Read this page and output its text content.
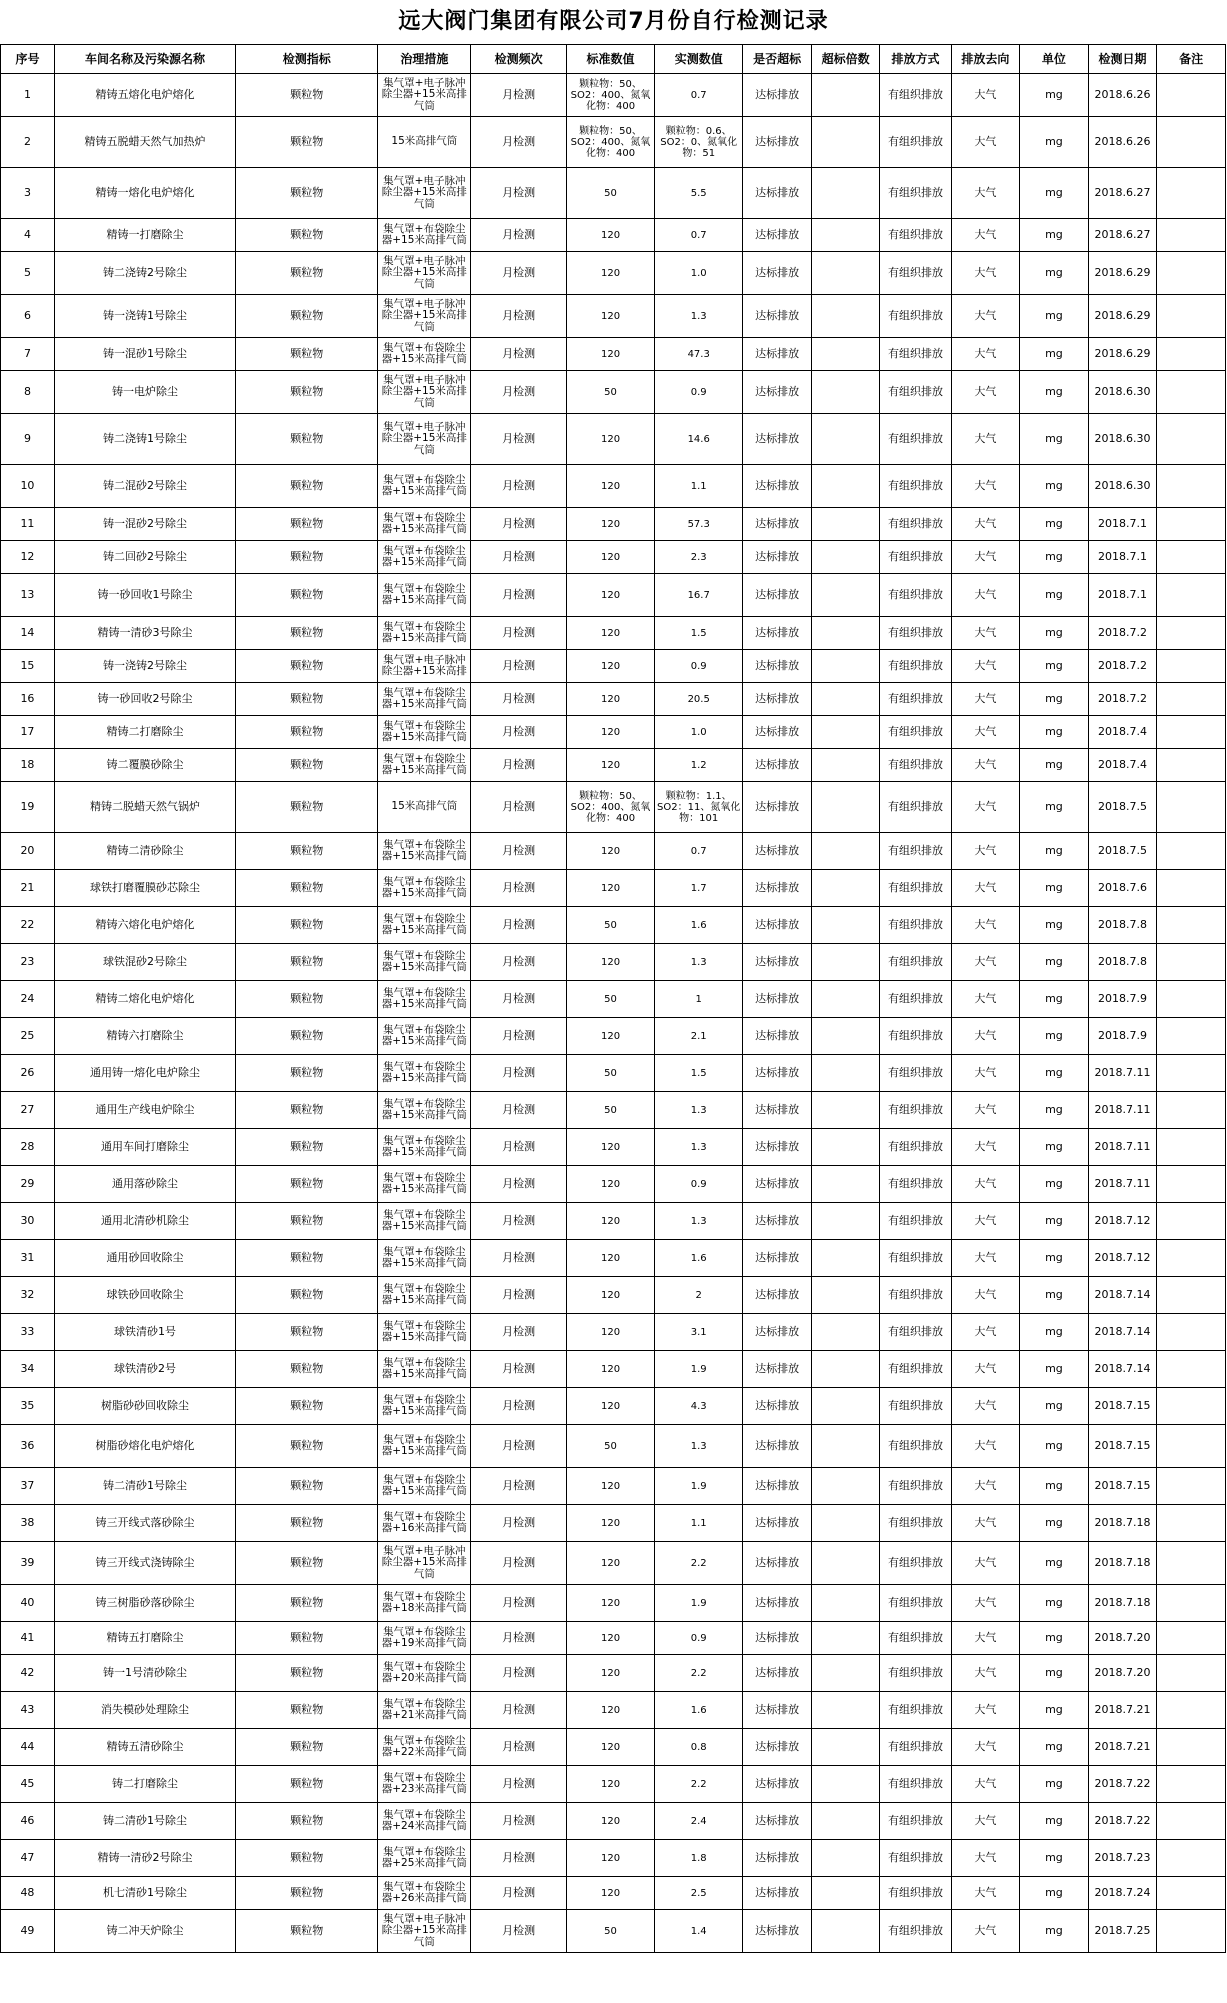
远大阀门集团有限公司7月份自行检测记录
序号	车间名称及污染源名称	检测指标	治理措施	检测频次	标准数值	实测数值	是否超标	超标倍数	排放方式	排放去向	单位	检测日期	备注
1	精铸五熔化电炉熔化	颗粒物	集气罩+电子脉冲除尘器+15米高排气筒	月检测	颗粒物：50、SO2：400、氮氧化物：400	0.7	达标排放		有组织排放	大气	mg	2018.6.26	
2	精铸五脱蜡天然气加热炉	颗粒物	15米高排气筒	月检测	颗粒物：50、SO2：400、氮氧化物：400	颗粒物：0.6、SO2：0、氮氧化物：51	达标排放		有组织排放	大气	mg	2018.6.26	
3	精铸一熔化电炉熔化	颗粒物	集气罩+电子脉冲除尘器+15米高排气筒	月检测	50	5.5	达标排放		有组织排放	大气	mg	2018.6.27	
4	精铸一打磨除尘	颗粒物	集气罩+布袋除尘器+15米高排气筒	月检测	120	0.7	达标排放		有组织排放	大气	mg	2018.6.27	
5	铸二浇铸2号除尘	颗粒物	集气罩+电子脉冲除尘器+15米高排气筒	月检测	120	1.0	达标排放		有组织排放	大气	mg	2018.6.29	
6	铸一浇铸1号除尘	颗粒物	集气罩+电子脉冲除尘器+15米高排气筒	月检测	120	1.3	达标排放		有组织排放	大气	mg	2018.6.29	
7	铸一混砂1号除尘	颗粒物	集气罩+布袋除尘器+15米高排气筒	月检测	120	47.3	达标排放		有组织排放	大气	mg	2018.6.29	
8	铸一电炉除尘	颗粒物	集气罩+电子脉冲除尘器+15米高排气筒	月检测	50	0.9	达标排放		有组织排放	大气	mg	2018.6.30	
9	铸二浇铸1号除尘	颗粒物	集气罩+电子脉冲除尘器+15米高排气筒	月检测	120	14.6	达标排放		有组织排放	大气	mg	2018.6.30	
10	铸二混砂2号除尘	颗粒物	集气罩+布袋除尘器+15米高排气筒	月检测	120	1.1	达标排放		有组织排放	大气	mg	2018.6.30	
11	铸一混砂2号除尘	颗粒物	集气罩+布袋除尘器+15米高排气筒	月检测	120	57.3	达标排放		有组织排放	大气	mg	2018.7.1	
12	铸二回砂2号除尘	颗粒物	集气罩+布袋除尘器+15米高排气筒	月检测	120	2.3	达标排放		有组织排放	大气	mg	2018.7.1	
13	铸一砂回收1号除尘	颗粒物	集气罩+布袋除尘器+15米高排气筒	月检测	120	16.7	达标排放		有组织排放	大气	mg	2018.7.1	
14	精铸一清砂3号除尘	颗粒物	集气罩+布袋除尘器+15米高排气筒	月检测	120	1.5	达标排放		有组织排放	大气	mg	2018.7.2	
15	铸一浇铸2号除尘	颗粒物	集气罩+电子脉冲除尘器+15米高排	月检测	120	0.9	达标排放		有组织排放	大气	mg	2018.7.2	
16	铸一砂回收2号除尘	颗粒物	集气罩+布袋除尘器+15米高排气筒	月检测	120	20.5	达标排放		有组织排放	大气	mg	2018.7.2	
17	精铸二打磨除尘	颗粒物	集气罩+布袋除尘器+15米高排气筒	月检测	120	1.0	达标排放		有组织排放	大气	mg	2018.7.4	
18	铸二覆膜砂除尘	颗粒物	集气罩+布袋除尘器+15米高排气筒	月检测	120	1.2	达标排放		有组织排放	大气	mg	2018.7.4	
19	精铸二脱蜡天然气锅炉	颗粒物	15米高排气筒	月检测	颗粒物：50、SO2：400、氮氧化物：400	颗粒物：1.1、SO2：11、氮氧化物：101	达标排放		有组织排放	大气	mg	2018.7.5	
20	精铸二清砂除尘	颗粒物	集气罩+布袋除尘器+15米高排气筒	月检测	120	0.7	达标排放		有组织排放	大气	mg	2018.7.5	
21	球铁打磨覆膜砂芯除尘	颗粒物	集气罩+布袋除尘器+15米高排气筒	月检测	120	1.7	达标排放		有组织排放	大气	mg	2018.7.6	
22	精铸六熔化电炉熔化	颗粒物	集气罩+布袋除尘器+15米高排气筒	月检测	50	1.6	达标排放		有组织排放	大气	mg	2018.7.8	
23	球铁混砂2号除尘	颗粒物	集气罩+布袋除尘器+15米高排气筒	月检测	120	1.3	达标排放		有组织排放	大气	mg	2018.7.8	
24	精铸二熔化电炉熔化	颗粒物	集气罩+布袋除尘器+15米高排气筒	月检测	50	1	达标排放		有组织排放	大气	mg	2018.7.9	
25	精铸六打磨除尘	颗粒物	集气罩+布袋除尘器+15米高排气筒	月检测	120	2.1	达标排放		有组织排放	大气	mg	2018.7.9	
26	通用铸一熔化电炉除尘	颗粒物	集气罩+布袋除尘器+15米高排气筒	月检测	50	1.5	达标排放		有组织排放	大气	mg	2018.7.11	
27	通用生产线电炉除尘	颗粒物	集气罩+布袋除尘器+15米高排气筒	月检测	50	1.3	达标排放		有组织排放	大气	mg	2018.7.11	
28	通用车间打磨除尘	颗粒物	集气罩+布袋除尘器+15米高排气筒	月检测	120	1.3	达标排放		有组织排放	大气	mg	2018.7.11	
29	通用落砂除尘	颗粒物	集气罩+布袋除尘器+15米高排气筒	月检测	120	0.9	达标排放		有组织排放	大气	mg	2018.7.11	
30	通用北清砂机除尘	颗粒物	集气罩+布袋除尘器+15米高排气筒	月检测	120	1.3	达标排放		有组织排放	大气	mg	2018.7.12	
31	通用砂回收除尘	颗粒物	集气罩+布袋除尘器+15米高排气筒	月检测	120	1.6	达标排放		有组织排放	大气	mg	2018.7.12	
32	球铁砂回收除尘	颗粒物	集气罩+布袋除尘器+15米高排气筒	月检测	120	2	达标排放		有组织排放	大气	mg	2018.7.14	
33	球铁清砂1号	颗粒物	集气罩+布袋除尘器+15米高排气筒	月检测	120	3.1	达标排放		有组织排放	大气	mg	2018.7.14	
34	球铁清砂2号	颗粒物	集气罩+布袋除尘器+15米高排气筒	月检测	120	1.9	达标排放		有组织排放	大气	mg	2018.7.14	
35	树脂砂砂回收除尘	颗粒物	集气罩+布袋除尘器+15米高排气筒	月检测	120	4.3	达标排放		有组织排放	大气	mg	2018.7.15	
36	树脂砂熔化电炉熔化	颗粒物	集气罩+布袋除尘器+15米高排气筒	月检测	50	1.3	达标排放		有组织排放	大气	mg	2018.7.15	
37	铸二清砂1号除尘	颗粒物	集气罩+布袋除尘器+15米高排气筒	月检测	120	1.9	达标排放		有组织排放	大气	mg	2018.7.15	
38	铸三开线式落砂除尘	颗粒物	集气罩+布袋除尘器+16米高排气筒	月检测	120	1.1	达标排放		有组织排放	大气	mg	2018.7.18	
39	铸三开线式浇铸除尘	颗粒物	集气罩+电子脉冲除尘器+15米高排气筒	月检测	120	2.2	达标排放		有组织排放	大气	mg	2018.7.18	
40	铸三树脂砂落砂除尘	颗粒物	集气罩+布袋除尘器+18米高排气筒	月检测	120	1.9	达标排放		有组织排放	大气	mg	2018.7.18	
41	精铸五打磨除尘	颗粒物	集气罩+布袋除尘器+19米高排气筒	月检测	120	0.9	达标排放		有组织排放	大气	mg	2018.7.20	
42	铸一1号清砂除尘	颗粒物	集气罩+布袋除尘器+20米高排气筒	月检测	120	2.2	达标排放		有组织排放	大气	mg	2018.7.20	
43	消失模砂处理除尘	颗粒物	集气罩+布袋除尘器+21米高排气筒	月检测	120	1.6	达标排放		有组织排放	大气	mg	2018.7.21	
44	精铸五清砂除尘	颗粒物	集气罩+布袋除尘器+22米高排气筒	月检测	120	0.8	达标排放		有组织排放	大气	mg	2018.7.21	
45	铸二打磨除尘	颗粒物	集气罩+布袋除尘器+23米高排气筒	月检测	120	2.2	达标排放		有组织排放	大气	mg	2018.7.22	
46	铸二清砂1号除尘	颗粒物	集气罩+布袋除尘器+24米高排气筒	月检测	120	2.4	达标排放		有组织排放	大气	mg	2018.7.22	
47	精铸一清砂2号除尘	颗粒物	集气罩+布袋除尘器+25米高排气筒	月检测	120	1.8	达标排放		有组织排放	大气	mg	2018.7.23	
48	机七清砂1号除尘	颗粒物	集气罩+布袋除尘器+26米高排气筒	月检测	120	2.5	达标排放		有组织排放	大气	mg	2018.7.24	
49	铸二冲天炉除尘	颗粒物	集气罩+电子脉冲除尘器+15米高排气筒	月检测	50	1.4	达标排放		有组织排放	大气	mg	2018.7.25	
